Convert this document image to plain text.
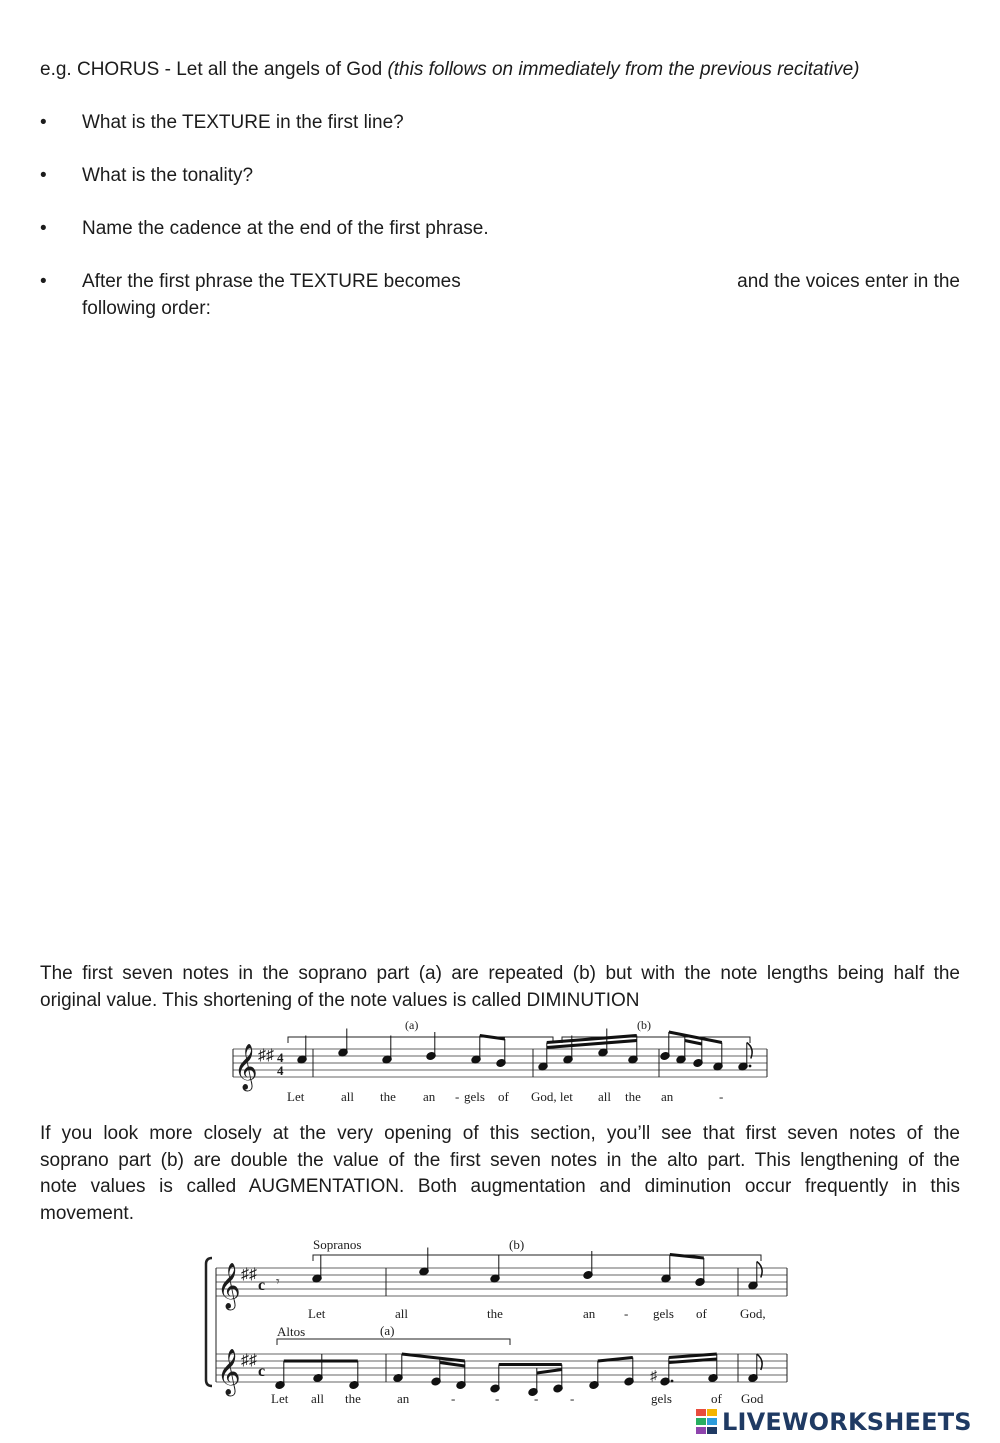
e.g. CHORUS - Let all the angels of God (this follows on immediately from the previous recitative)
• What is the TEXTURE in the first line?
• What is the tonality?
• Name the cadence at the end of the first phrase.
• After the first phrase the TEXTURE becomes	and the voices enter in the
following order:
The first seven notes in the soprano part (a) are repeated (b) but with the note lengths being half the
original value. This shortening of the note values is called DIMINUTION
(a)	(b)
𝄞 ♯♯ 4
4
Let	all the an - gels of God, let all the an	-
If you look more closely at the very opening of this section, you’ll see that first seven notes of the
soprano part (b) are double the value of the first seven notes in the alto part. This lengthening of the
note values is called AUGMENTATION. Both augmentation and diminution occur frequently in this
movement.
Sopranos	(b)
𝄞 ♯♯
c 𝄾
Let	all	the	an - gels of	God,
Altos	(a)
𝄞 ♯♯
c	♯
Let all the	an	-	-	- -	gels	of God
LIVEWORKSHEETS
